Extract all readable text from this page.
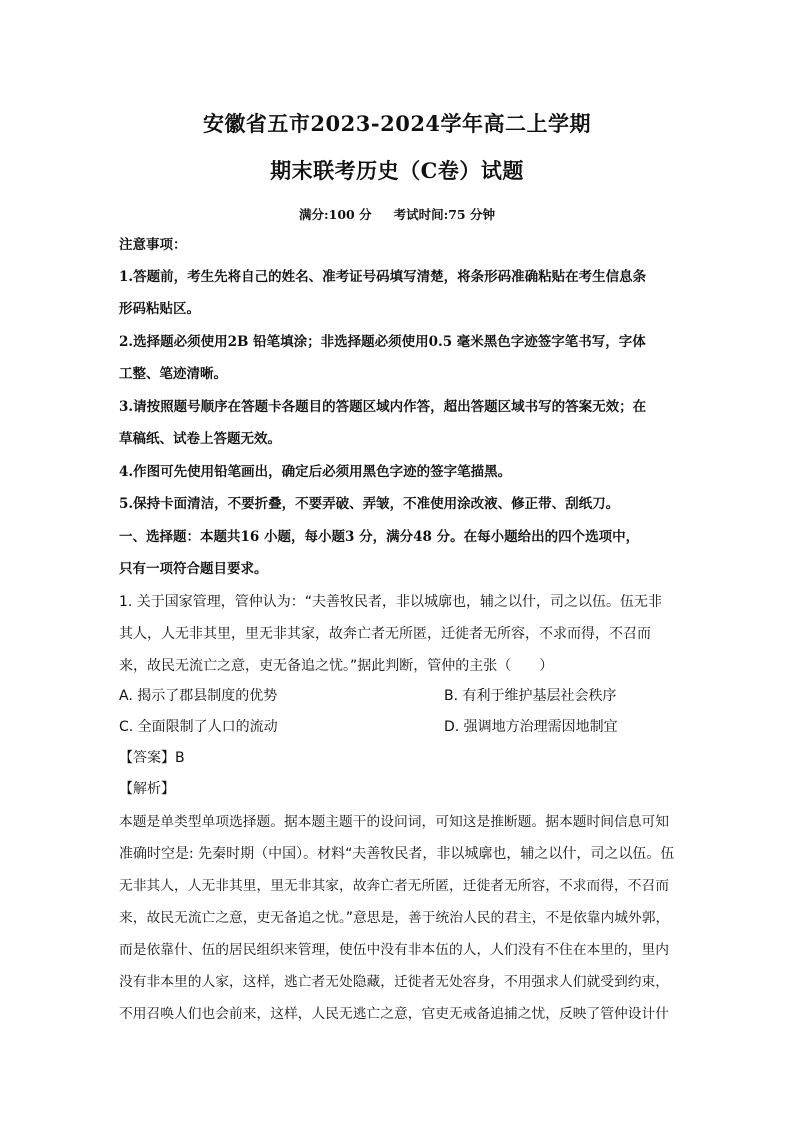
安徽省五市2023-2024学年高二上学期
期末联考历史（C卷）试题
满分:100 分 考试时间:75 分钟
注意事项：
1.答题前，考生先将自己的姓名、准考证号码填写清楚，将条形码准确粘贴在考生信息条
形码粘贴区。
2.选择题必须使用2B 铅笔填涂；非选择题必须使用0.5 毫米黑色字迹签字笔书写，字体
工整、笔迹清晰。
3.请按照题号顺序在答题卡各题目的答题区域内作答，超出答题区域书写的答案无效；在
草稿纸、试卷上答题无效。
4.作图可先使用铅笔画出，确定后必须用黑色字迹的签字笔描黑。
5.保持卡面清洁，不要折叠，不要弄破、弄皱，不准使用涂改液、修正带、刮纸刀。
一、选择题：本题共16 小题，每小题3 分，满分48 分。在每小题给出的四个选项中，
只有一项符合题目要求。
1. 关于国家管理，管仲认为：“夫善牧民者，非以城廓也，辅之以什，司之以伍。伍无非
其人，人无非其里，里无非其家，故奔亡者无所匿，迁徙者无所容，不求而得，不召而
来，故民无流亡之意，吏无备追之忧。”据此判断，管仲的主张（　　）
A. 揭示了郡县制度的优势	B. 有利于维护基层社会秩序
C. 全面限制了人口的流动	D. 强调地方治理需因地制宜
【答案】B
【解析】
本题是单类型单项选择题。据本题主题干的设问词，可知这是推断题。据本题时间信息可知
准确时空是: 先秦时期（中国）。材料“夫善牧民者，非以城廓也，辅之以什，司之以伍。伍
无非其人，人无非其里，里无非其家，故奔亡者无所匿，迁徙者无所容，不求而得，不召而
来，故民无流亡之意，吏无备追之忧。”意思是，善于统治人民的君主，不是依靠内城外郭，
而是依靠什、伍的居民组织来管理，使伍中没有非本伍的人，人们没有不住在本里的，里内
没有非本里的人家，这样，逃亡者无处隐藏，迁徙者无处容身，不用强求人们就受到约束，
不用召唤人们也会前来，这样，人民无逃亡之意，官吏无戒备追捕之忧，反映了管仲设计什
